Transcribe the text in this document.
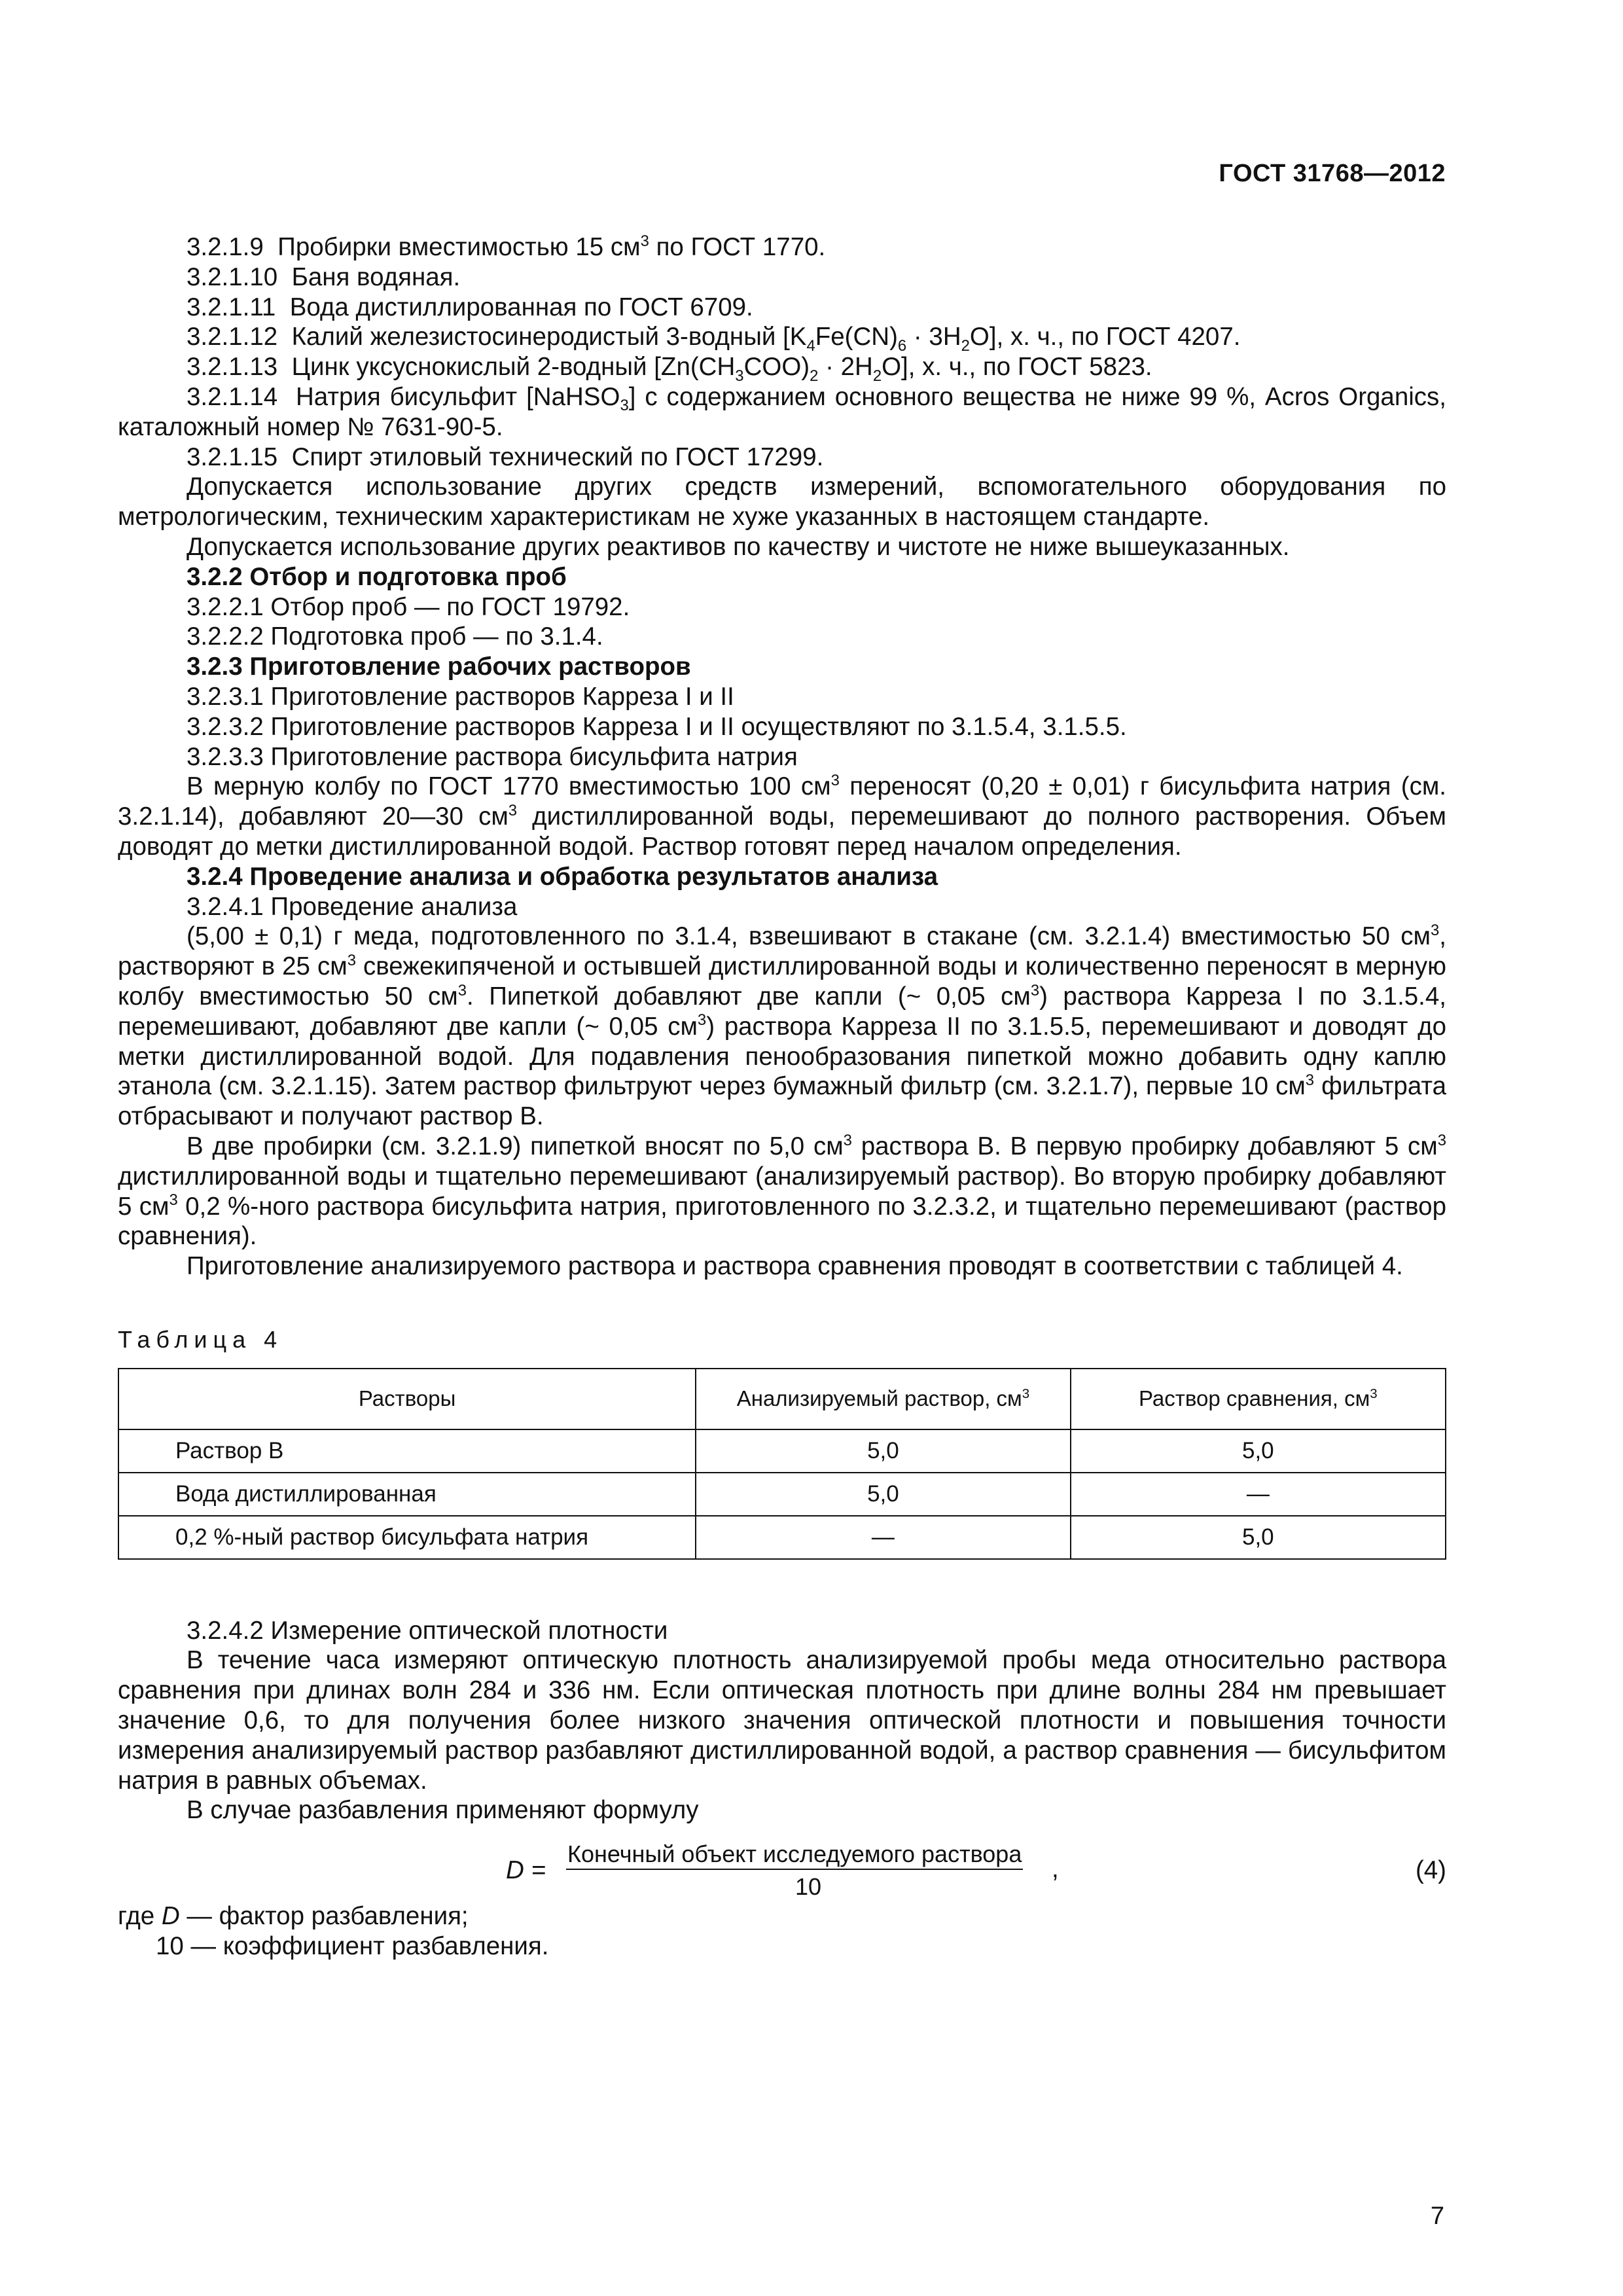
ГОСТ 31768—2012

3.2.1.9 Пробирки вместимостью 15 $см^3$ по ГОСТ 1770.

3.2.1.10 Баня водяная.

3.2.1.11 Вода дистиллированная по ГОСТ 6709.

3.2.1.12 Калий железистосинеродистый 3-водный $[K_4Fe(CN)_6 \cdot 3H_2O]$, х. ч., по ГОСТ 4207.

3.2.1.13 Цинк уксуснокислый 2-водный $[Zn(CH_3COO)_2 \cdot 2H_2O]$, х. ч., по ГОСТ 5823.

3.2.1.14 Натрия бисульфит [NaHSO$_3$] с содержанием основного вещества не ниже 99 %, Acros Organics, каталожный номер № 7631-90-5.

3.2.1.15 Спирт этиловый технический по ГОСТ 17299.

Допускается использование других средств измерений, вспомогательного оборудования по метрологическим, техническим характеристикам не хуже указанных в настоящем стандарте.

Допускается использование других реактивов по качеству и чистоте не ниже вышеуказанных.

3.2.2 Отбор и подготовка проб

3.2.2.1 Отбор проб — по ГОСТ 19792.

3.2.2.2 Подготовка проб — по 3.1.4.

3.2.3 Приготовление рабочих растворов

3.2.3.1 Приготовление растворов Карреза I и II

3.2.3.2 Приготовление растворов Карреза I и II осуществляют по 3.1.5.4, 3.1.5.5.

3.2.3.3 Приготовление раствора бисульфита натрия

В мерную колбу по ГОСТ 1770 вместимостью 100 $см^3$ переносят (0,20 ± 0,01) г бисульфита натрия (см. 3.2.1.14), добавляют 20—30 $см^3$ дистиллированной воды, перемешивают до полного растворения. Объем доводят до метки дистиллированной водой. Раствор готовят перед началом определения.

3.2.4 Проведение анализа и обработка результатов анализа

3.2.4.1 Проведение анализа

(5,00 ± 0,1) г меда, подготовленного по 3.1.4, взвешивают в стакане (см. 3.2.1.4) вместимостью 50 $см^3$, растворяют в 25 $см^3$ свежекипяченой и остывшей дистиллированной воды и количественно переносят в мерную колбу вместимостью 50 $см^3$. Пипеткой добавляют две капли (~ 0,05 $см^3$) раствора Карреза I по 3.1.5.4, перемешивают, добавляют две капли (~ 0,05 $см^3$) раствора Карреза II по 3.1.5.5, перемешивают и доводят до метки дистиллированной водой. Для подавления пенообразования пипеткой можно добавить одну каплю этанола (см. 3.2.1.15). Затем раствор фильтруют через бумажный фильтр (см. 3.2.1.7), первые 10 $см^3$ фильтрата отбрасывают и получают раствор В.

В две пробирки (см. 3.2.1.9) пипеткой вносят по 5,0 $см^3$ раствора В. В первую пробирку добавляют 5 $см^3$ дистиллированной воды и тщательно перемешивают (анализируемый раствор). Во вторую пробирку добавляют 5 $см^3$ 0,2 %-ного раствора бисульфита натрия, приготовленного по 3.2.3.2, и тщательно перемешивают (раствор сравнения).

Приготовление анализируемого раствора и раствора сравнения проводят в соответствии с таблицей 4.

Таблица 4

Растворы	Анализируемый раствор, $см^3$	Раствор сравнения, $см^3$
Раствор В	5,0	5,0
Вода дистиллированная	5,0	—
0,2 %-ный раствор бисульфата натрия	—	5,0

3.2.4.2 Измерение оптической плотности

В течение часа измеряют оптическую плотность анализируемой пробы меда относительно раствора сравнения при длинах волн 284 и 336 нм. Если оптическая плотность при длине волны 284 нм превышает значение 0,6, то для получения более низкого значения оптической плотности и повышения точности измерения анализируемый раствор разбавляют дистиллированной водой, а раствор сравнения — бисульфитом натрия в равных объемах.

В случае разбавления применяют формулу

D =
Конечный объект исследуемого раствора
10
,	(4)

где D — фактор разбавления;

10 — коэффициент разбавления.

7
